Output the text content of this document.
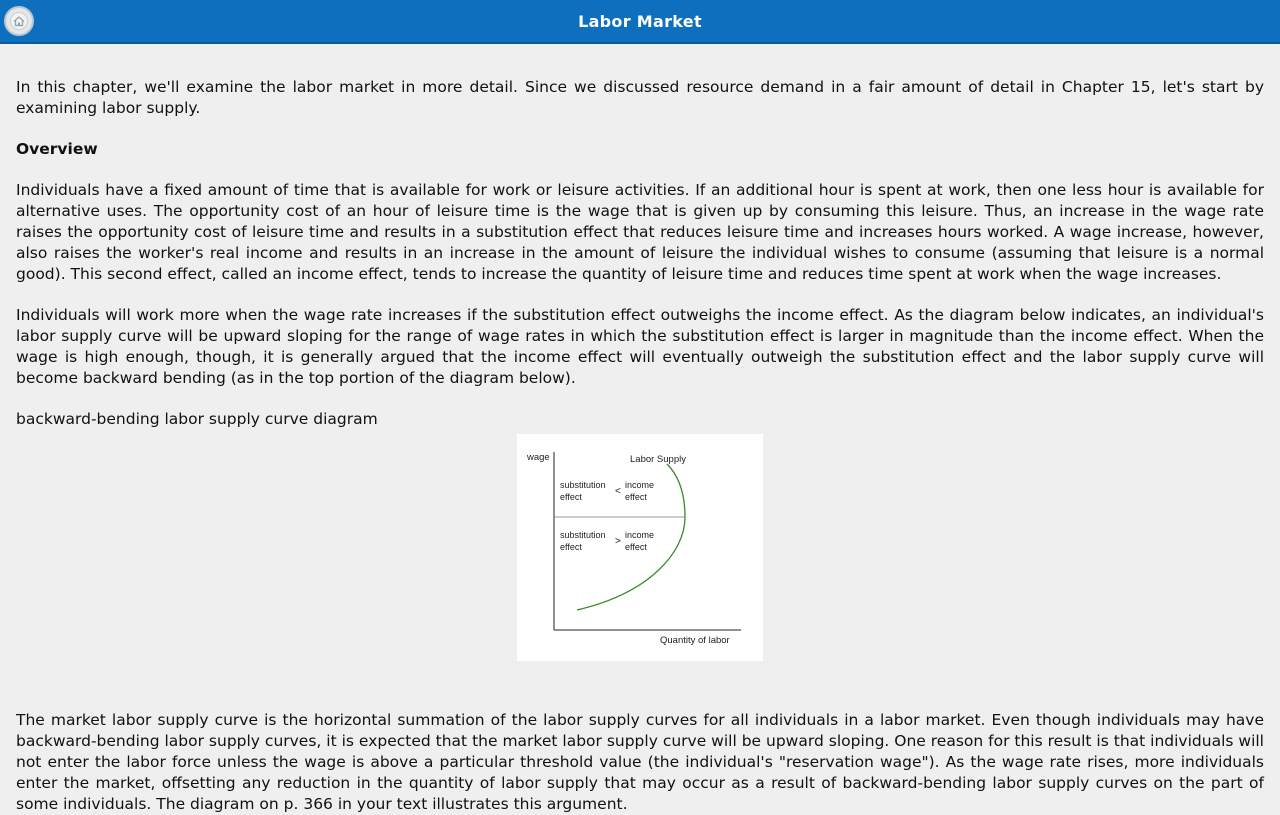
Labor Market

In this chapter, we'll examine the labor market in more detail. Since we discussed resource demand in a fair amount of detail in Chapter 15, let's start by examining labor supply.

Overview

Individuals have a fixed amount of time that is available for work or leisure activities. If an additional hour is spent at work, then one less hour is available for alternative uses. The opportunity cost of an hour of leisure time is the wage that is given up by consuming this leisure. Thus, an increase in the wage rate raises the opportunity cost of leisure time and results in a substitution effect that reduces leisure time and increases hours worked. A wage increase, however, also raises the worker's real income and results in an increase in the amount of leisure the individual wishes to consume (assuming that leisure is a normal good). This second effect, called an income effect, tends to increase the quantity of leisure time and reduces time spent at work when the wage increases.

Individuals will work more when the wage rate increases if the substitution effect outweighs the income effect. As the diagram below indicates, an individual's labor supply curve will be upward sloping for the range of wage rates in which the substitution effect is larger in magnitude than the income effect. When the wage is high enough, though, it is generally argued that the income effect will eventually outweigh the substitution effect and the labor supply curve will become backward bending (as in the top portion of the diagram below).

backward-bending labor supply curve diagram

wage
Quantity of labor
Labor Supply
substitution effect	<
income effect
substitution effect	>
income effect

The market labor supply curve is the horizontal summation of the labor supply curves for all individuals in a labor market. Even though individuals may have backward-bending labor supply curves, it is expected that the market labor supply curve will be upward sloping. One reason for this result is that individuals will not enter the labor force unless the wage is above a particular threshold value (the individual's "reservation wage"). As the wage rate rises, more individuals enter the market, offsetting any reduction in the quantity of labor supply that may occur as a result of backward-bending labor supply curves on the part of some individuals. The diagram on p. 366 in your text illustrates this argument.
